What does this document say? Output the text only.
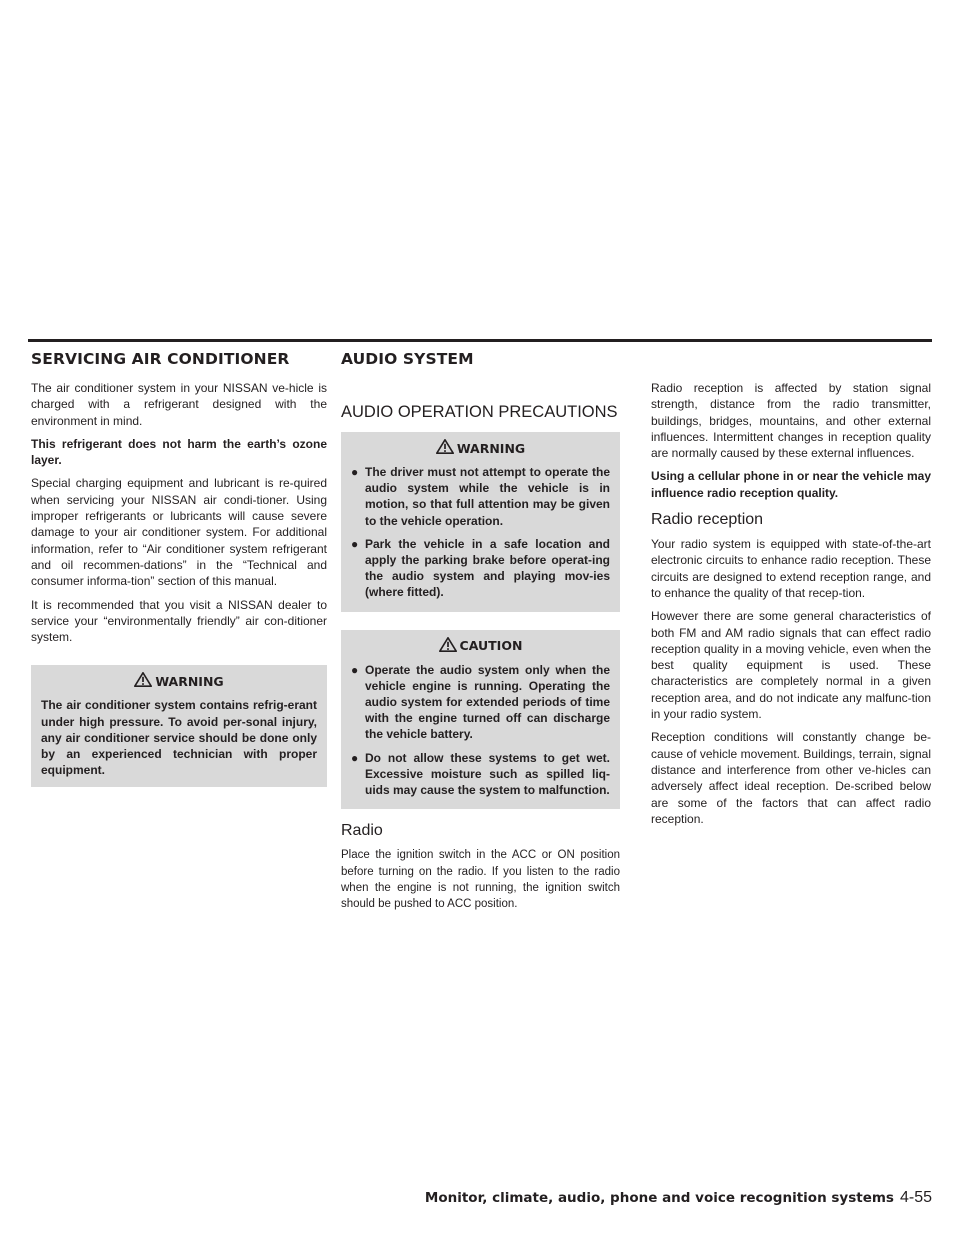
SERVICING AIR CONDITIONER	AUDIO SYSTEM

The air conditioner system in your NISSAN ve-hicle is charged with a refrigerant designed with the environment in mind.

This refrigerant does not harm the earth’s ozone layer.

Special charging equipment and lubricant is re-quired when servicing your NISSAN air condi-tioner. Using improper refrigerants or lubricants will cause severe damage to your air conditioner system. For additional information, refer to “Air conditioner system refrigerant and oil recommen-dations” in the “Technical and consumer informa-tion” section of this manual.

It is recommended that you visit a NISSAN dealer to service your “environmentally friendly” air con-ditioner system.

WARNING

The air conditioner system contains refrig-erant under high pressure. To avoid per-sonal injury, any air conditioner service should be done only by an experienced technician with proper equipment.

AUDIO OPERATION PRECAUTIONS
WARNING
● The driver must not attempt to operate the audio system while the vehicle is in motion, so that full attention may be given to the vehicle operation.
● Park the vehicle in a safe location and apply the parking brake before operat-ing the audio system and playing mov-ies (where fitted).
CAUTION
● Operate the audio system only when the vehicle engine is running. Operating the audio system for extended periods of time with the engine turned off can discharge the vehicle battery.
● Do not allow these systems to get wet. Excessive moisture such as spilled liq-uids may cause the system to malfunction.
Radio

Place the ignition switch in the ACC or ON position before turning on the radio. If you listen to the radio when the engine is not running, the ignition switch should be pushed to ACC position.

Radio reception is affected by station signal strength, distance from the radio transmitter, buildings, bridges, mountains, and other external influences. Intermittent changes in reception quality are normally caused by these external influences.

Using a cellular phone in or near the vehicle may influence radio reception quality.

Radio reception

Your radio system is equipped with state-of-the-art electronic circuits to enhance radio reception. These circuits are designed to extend reception range, and to enhance the quality of that recep-tion.

However there are some general characteristics of both FM and AM radio signals that can effect radio reception quality in a moving vehicle, even when the best quality equipment is used. These characteristics are completely normal in a given reception area, and do not indicate any malfunc-tion in your radio system.

Reception conditions will constantly change be-cause of vehicle movement. Buildings, terrain, signal distance and interference from other ve-hicles can adversely affect ideal reception. De-scribed below are some of the factors that can affect radio reception.

Monitor, climate, audio, phone and voice recognition systems 4-55
